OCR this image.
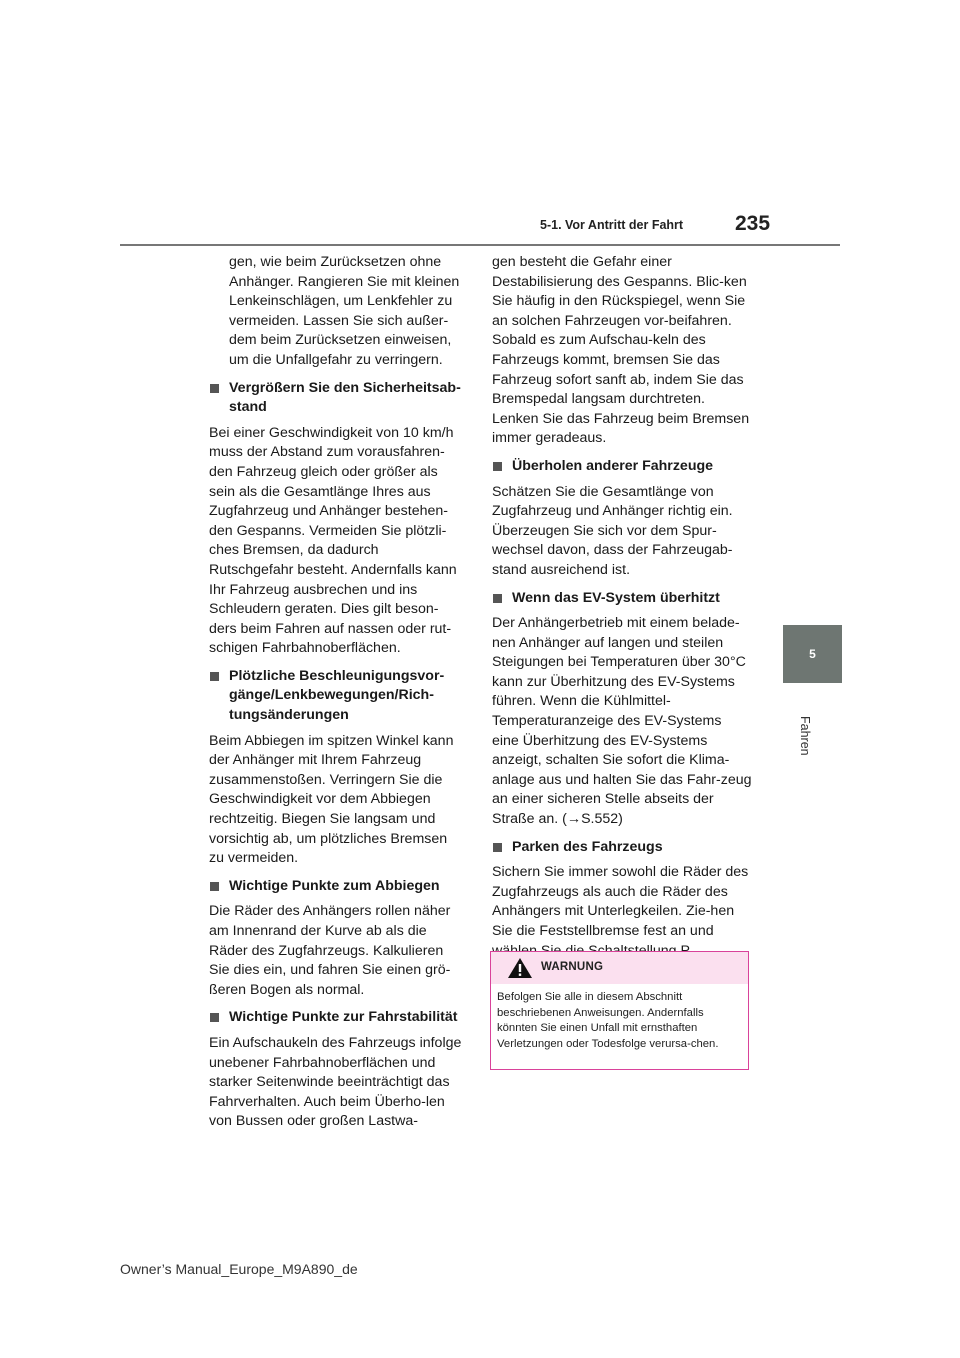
5-1. Vor Antritt der Fahrt 235
5
Fahren

gen, wie beim Zurücksetzen ohne Anhänger. Rangieren Sie mit kleinen Lenkeinschlägen, um Lenkfehler zu vermeiden. Lassen Sie sich außer-dem beim Zurücksetzen einweisen, um die Unfallgefahr zu verringern.

Vergrößern Sie den Sicherheitsab-stand

Bei einer Geschwindigkeit von 10 km/h muss der Abstand zum vorausfahren-den Fahrzeug gleich oder größer als sein als die Gesamtlänge Ihres aus Zugfahrzeug und Anhänger bestehen-den Gespanns. Vermeiden Sie plötzli-ches Bremsen, da dadurch Rutschgefahr besteht. Andernfalls kann Ihr Fahrzeug ausbrechen und ins Schleudern geraten. Dies gilt beson-ders beim Fahren auf nassen oder rut-schigen Fahrbahnoberflächen.

Plötzliche Beschleunigungsvor-gänge/Lenkbewegungen/Rich-tungsänderungen

Beim Abbiegen im spitzen Winkel kann der Anhänger mit Ihrem Fahrzeug zusammenstoßen. Verringern Sie die Geschwindigkeit vor dem Abbiegen rechtzeitig. Biegen Sie langsam und vorsichtig ab, um plötzliches Bremsen zu vermeiden.

Wichtige Punkte zum Abbiegen

Die Räder des Anhängers rollen näher am Innenrand der Kurve ab als die Räder des Zugfahrzeugs. Kalkulieren Sie dies ein, und fahren Sie einen grö-ßeren Bogen als normal.

Wichtige Punkte zur Fahrstabilität

Ein Aufschaukeln des Fahrzeugs infolge unebener Fahrbahnoberflächen und starker Seitenwinde beeinträchtigt das Fahrverhalten. Auch beim Überho-len von Bussen oder großen Lastwa-

gen besteht die Gefahr einer Destabilisierung des Gespanns. Blic-ken Sie häufig in den Rückspiegel, wenn Sie an solchen Fahrzeugen vor-beifahren. Sobald es zum Aufschau-keln des Fahrzeugs kommt, bremsen Sie das Fahrzeug sofort sanft ab, indem Sie das Bremspedal langsam durchtreten. Lenken Sie das Fahrzeug beim Bremsen immer geradeaus.

Überholen anderer Fahrzeuge

Schätzen Sie die Gesamtlänge von Zugfahrzeug und Anhänger richtig ein. Überzeugen Sie sich vor dem Spur-wechsel davon, dass der Fahrzeugab-stand ausreichend ist.

Wenn das EV-System überhitzt

Der Anhängerbetrieb mit einem belade-nen Anhänger auf langen und steilen Steigungen bei Temperaturen über 30°C kann zur Überhitzung des EV-Systems führen. Wenn die Kühlmittel-Temperaturanzeige des EV-Systems eine Überhitzung des EV-Systems anzeigt, schalten Sie sofort die Klima-anlage aus und halten Sie das Fahr-zeug an einer sicheren Stelle abseits der Straße an. (→S.552)

Parken des Fahrzeugs

Sichern Sie immer sowohl die Räder des Zugfahrzeugs als auch die Räder des Anhängers mit Unterlegkeilen. Zie-hen Sie die Feststellbremse fest an und

WARNUNG
Befolgen Sie alle in diesem Abschnitt beschriebenen Anweisungen. Andernfalls könnten Sie einen Unfall mit ernsthaften Verletzungen oder Todesfolge verursa-chen.
Owner’s Manual_Europe_M9A890_de
